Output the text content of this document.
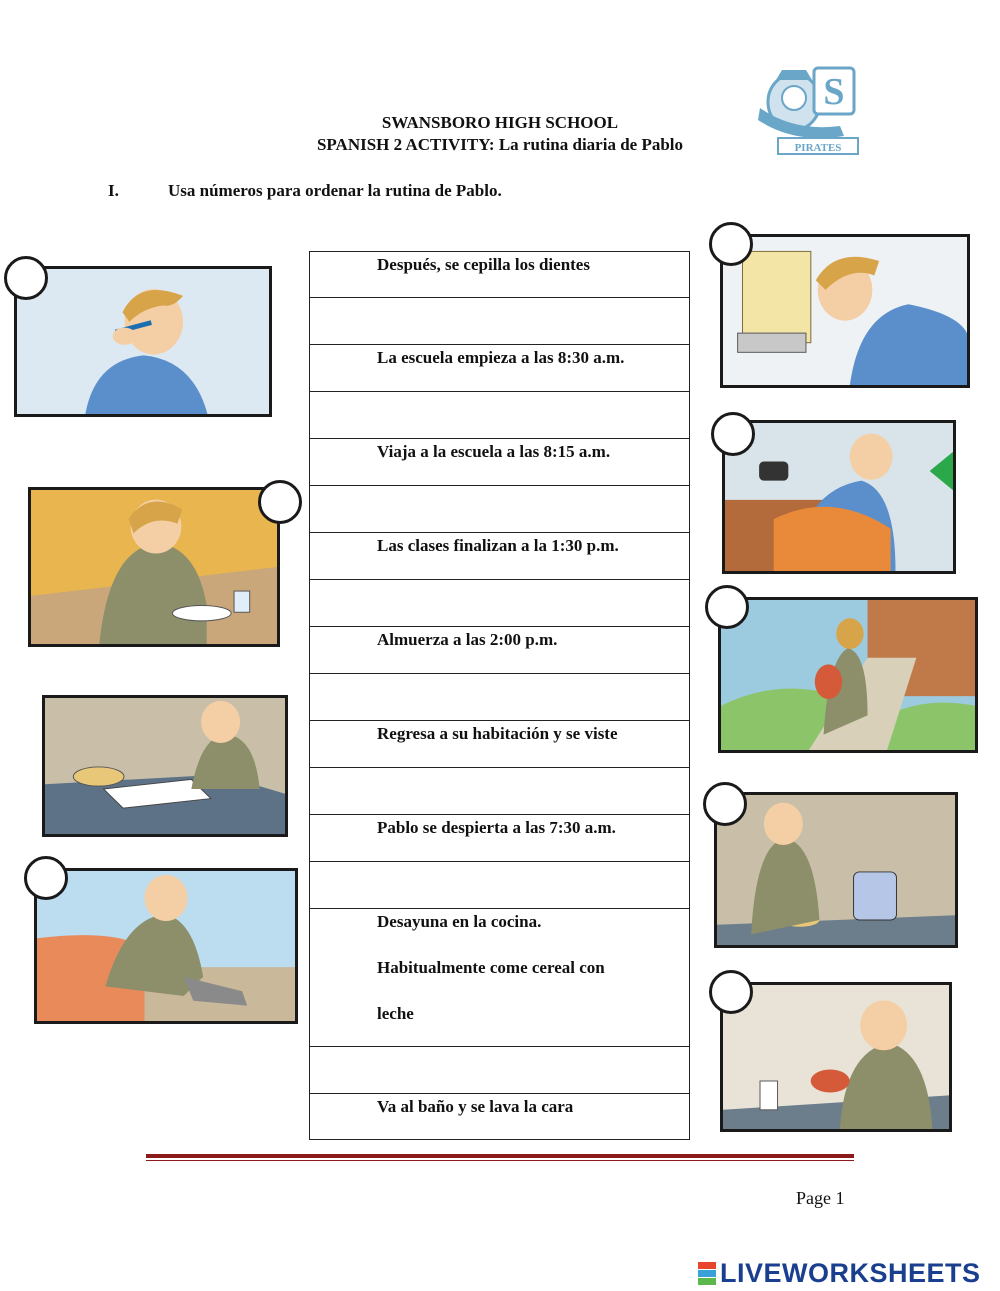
SWANSBORO HIGH SCHOOL
SPANISH 2 ACTIVITY: La rutina diaria de Pablo
S
PIRATES
I.	Usa números para ordenar la rutina de Pablo.
Después, se cepilla los dientes
La escuela empieza a las 8:30 a.m.
Viaja a la escuela a las 8:15 a.m.
Las clases finalizan a la 1:30 p.m.
Almuerza a las 2:00 p.m.
Regresa a su habitación y se viste
Pablo se despierta a las 7:30 a.m.
Desayuna en la cocina.
Habitualmente come cereal con
leche
Va al baño y se lava la cara
Page 1
LIVEWORKSHEETS
